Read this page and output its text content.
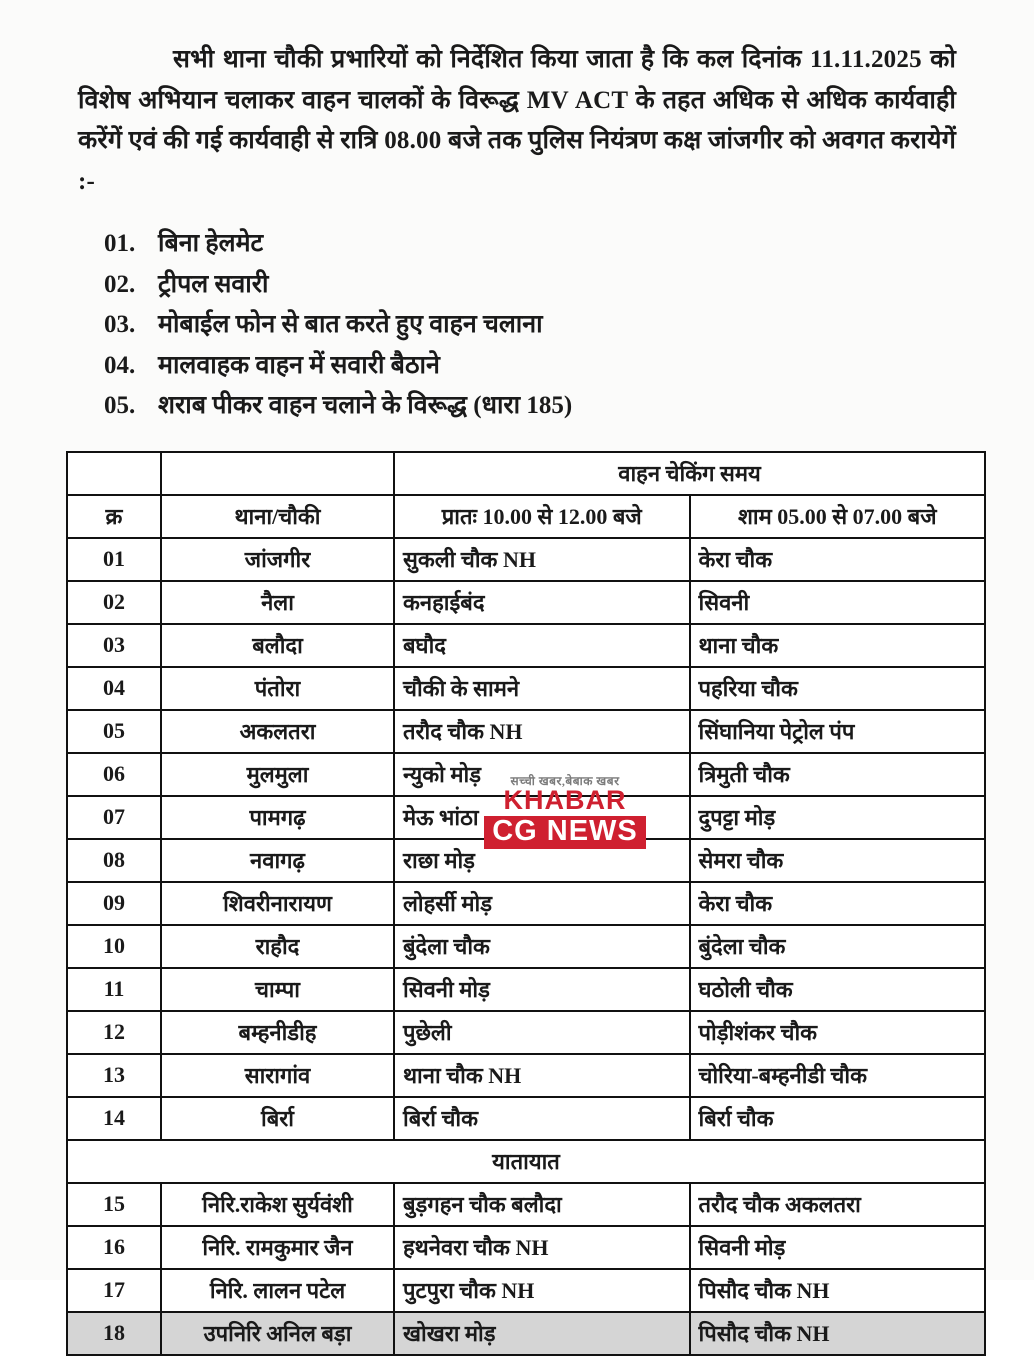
सभी थाना चौकी प्रभारियों को निर्देशित किया जाता है कि कल दिनांक 11.11.2025 को विशेष अभियान चलाकर वाहन चालकों के विरूद्ध MV ACT के तहत अधिक से अधिक कार्यवाही करेंगें एवं की गई कार्यवाही से रात्रि 08.00 बजे तक पुलिस नियंत्रण कक्ष जांजगीर को अवगत करायेगें :-

01. बिना हेलमेट
02. ट्रीपल सवारी
03. मोबाईल फोन से बात करते हुए वाहन चलाना
04. मालवाहक वाहन में सवारी बैठाने
05. शराब पीकर वाहन चलाने के विरूद्ध (धारा 185)
		वाहन चेकिंग समय	
क्र	थाना/चौकी	प्रातः 10.00 से 12.00 बजे	शाम 05.00 से 07.00 बजे
01	जांजगीर	सुकली चौक NH	केरा चौक
02	नैला	कनहाईबंद	सिवनी
03	बलौदा	बघौद	थाना चौक
04	पंतोरा	चौकी के सामने	पहरिया चौक
05	अकलतरा	तरौद चौक NH	सिंघानिया पेट्रोल पंप
06	मुलमुला	न्युको मोड़	त्रिमुती चौक
07	पामगढ़	मेऊ भांठा	दुपट्टा मोड़
08	नवागढ़	राछा मोड़	सेमरा चौक
09	शिवरीनारायण	लोहर्सी मोड़	केरा चौक
10	राहौद	बुंदेला चौक	बुंदेला चौक
11	चाम्पा	सिवनी मोड़	घठोली चौक
12	बम्हनीडीह	पुछेली	पोड़ीशंकर चौक
13	सारागांव	थाना चौक NH	चोरिया-बम्हनीडी चौक
14	बिर्रा	बिर्रा चौक	बिर्रा चौक
यातायात			
15	निरि.राकेश सुर्यवंशी	बुड़गहन चौक बलौदा	तरौद चौक अकलतरा
16	निरि. रामकुमार जैन	हथनेवरा चौक NH	सिवनी मोड़
17	निरि. लालन पटेल	पुटपुरा चौक NH	पिसौद चौक NH
18	उपनिरि अनिल बड़ा	खोखरा मोड़	पिसौद चौक NH
सच्ची खबर,बेबाक खबर
KHABAR
CG NEWS
